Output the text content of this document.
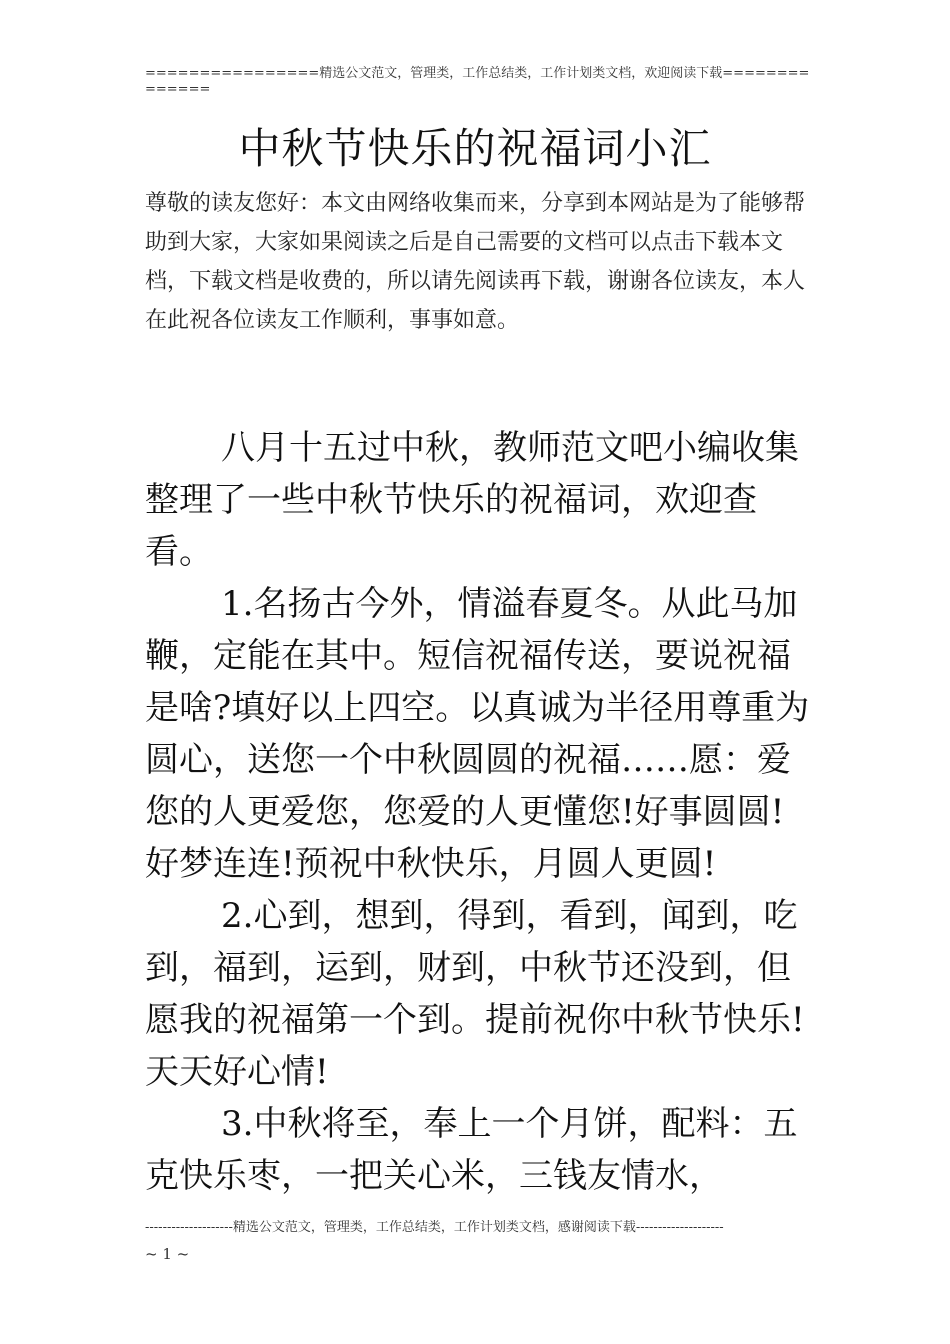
================精选公文范文，管理类，工作总结类，工作计划类文档，欢迎阅读下载==============
中秋节快乐的祝福词小汇
尊敬的读友您好：本文由网络收集而来，分享到本网站是为了能够帮助到大家，大家如果阅读之后是自己需要的文档可以点击下载本文档，下载文档是收费的，所以请先阅读再下载，谢谢各位读友，本人在此祝各位读友工作顺利，事事如意。

八月十五过中秋，教师范文吧小编收集整理了一些中秋节快乐的祝福词，欢迎查看。

1.名扬古今外，情溢春夏冬。从此马加鞭，定能在其中。短信祝福传送，要说祝福是啥?填好以上四空。以真诚为半径用尊重为圆心，送您一个中秋圆圆的祝福……愿：爱您的人更爱您，您爱的人更懂您!好事圆圆!好梦连连!预祝中秋快乐，月圆人更圆!

2.心到，想到，得到，看到，闻到，吃到，福到，运到，财到，中秋节还没到，但愿我的祝福第一个到。提前祝你中秋节快乐!天天好心情!

3.中秋将至，奉上一个月饼，配料：五克快乐枣，一把关心米，三钱友情水，

--------------------精选公文范文，管理类，工作总结类，工作计划类文档，感谢阅读下载--------------------
~ 1 ~
